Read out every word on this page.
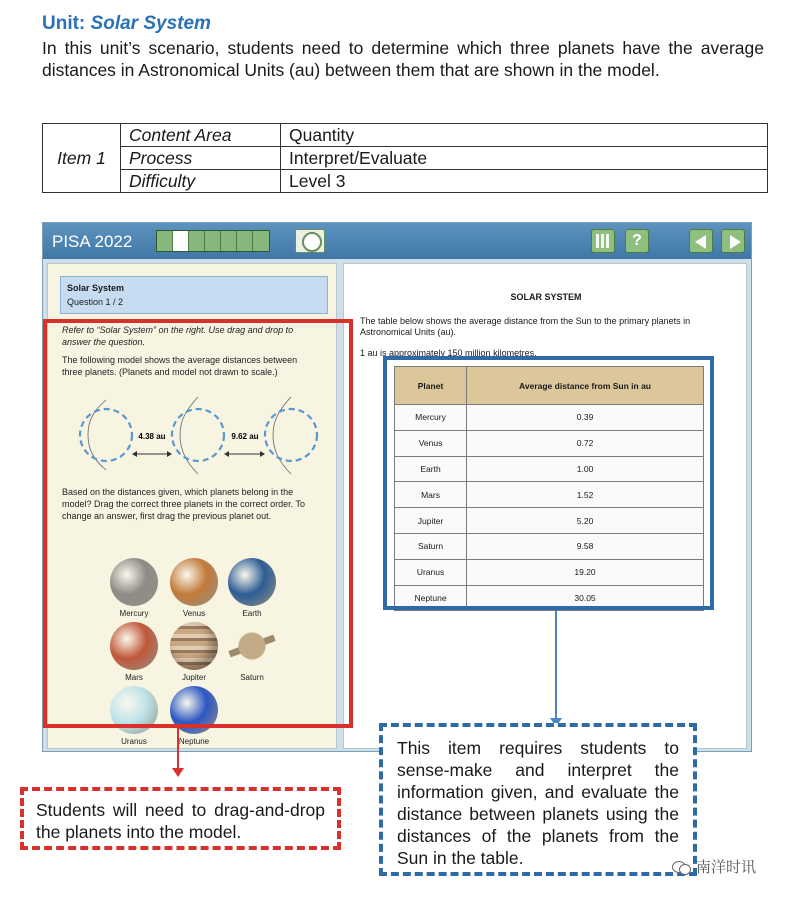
Unit: Solar System

In this unit’s scenario, students need to determine which three planets have the average distances in Astronomical Units (au) between them that are shown in the model.

Item 1	Content Area	Quantity
	Process	Interpret/Evaluate
	Difficulty	Level 3
PISA 2022	?
Solar System
Question 1 / 2

Refer to “Solar System” on the right. Use drag and drop to answer the question.

The following model shows the average distances between three planets. (Planets and model not drawn to scale.)

4.38 au	9.62 au

Based on the distances given, which planets belong in the model? Drag the correct three planets in the correct order. To change an answer, first drag the previous planet out.

Mercury	Venus	Earth
Mars	Jupiter	Saturn
Uranus	Neptune
SOLAR SYSTEM

The table below shows the average distance from the Sun to the primary planets in Astronomical Units (au).

1 au is approximately 150 million kilometres.

Planet	Average distance from Sun in au
Mercury	0.39
Venus	0.72
Earth	1.00
Mars	1.52
Jupiter	5.20
Saturn	9.58
Uranus	19.20
Neptune	30.05
Students will need to drag-and-drop the planets into the model.
This item requires students to sense-make and interpret the information given, and evaluate the distance between planets using the distances of the planets from the Sun in the table.	南洋时讯
